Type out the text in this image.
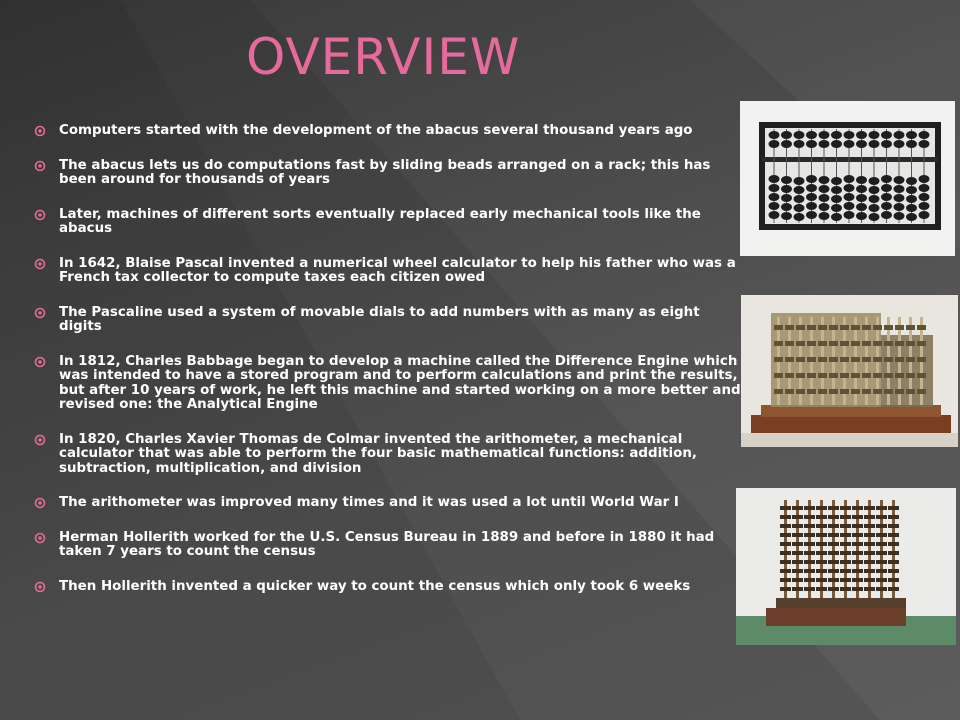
OVERVIEW
Computers started with the development of the abacus several thousand years ago
The abacus lets us do computations fast by sliding beads arranged on a rack; this has been around for thousands of years
Later, machines of different sorts eventually replaced early mechanical tools like the abacus
In 1642, Blaise Pascal invented a numerical wheel calculator to help his father who was a French tax collector to compute taxes each citizen owed
The Pascaline used a system of movable dials to add numbers with as many as eight digits
In 1812, Charles Babbage began to develop a machine called the Difference Engine which was intended to have a stored program and to perform calculations and print the results, but after 10 years of work, he left this machine and started working on a more better and revised one: the Analytical Engine
In 1820, Charles Xavier Thomas de Colmar invented the arithometer, a mechanical calculator that was able to perform the four basic mathematical functions: addition, subtraction, multiplication, and division
The arithometer was improved many times and it was used a lot until World War I
Herman Hollerith worked for the U.S. Census Bureau in 1889 and before in 1880 it had taken 7 years to count the census
Then Hollerith invented a quicker way to count the census which only took 6 weeks
